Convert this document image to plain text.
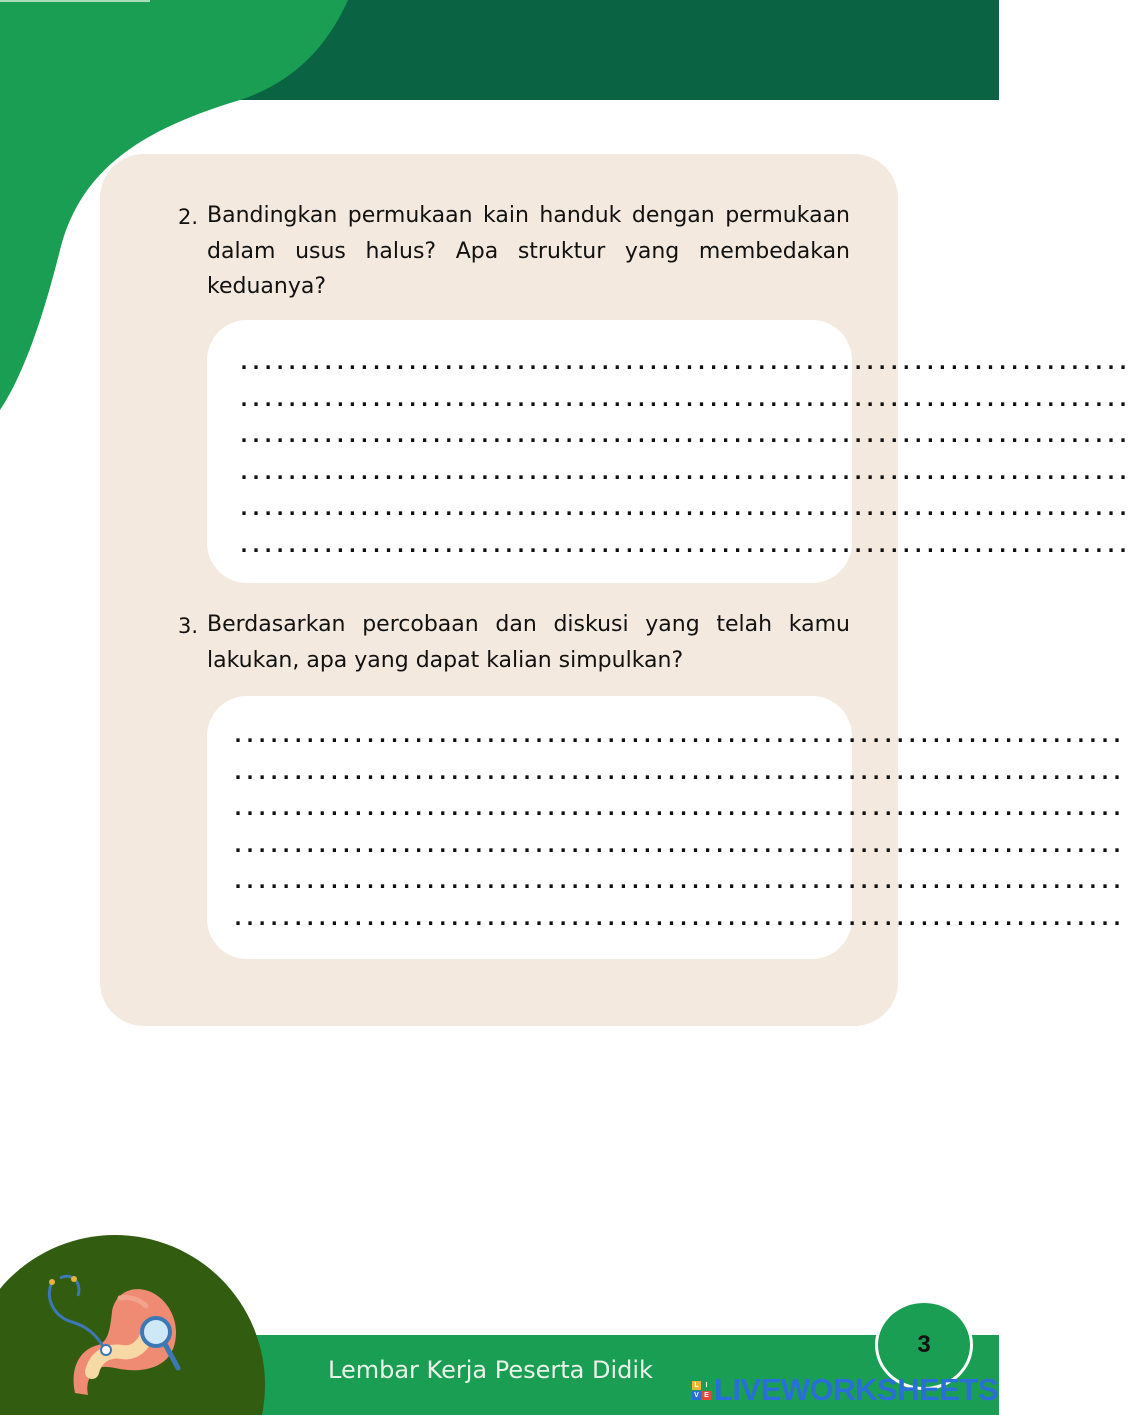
2. Bandingkan permukaan kain handuk dengan permukaan dalam usus halus? Apa struktur yang membedakan keduanya?

..........................................................................
..........................................................................
..........................................................................
..........................................................................
..........................................................................
..........................................................................
3. Berdasarkan percobaan dan diskusi yang telah kamu lakukan, apa yang dapat kalian simpulkan?

..........................................................................
..........................................................................
..........................................................................
..........................................................................
..........................................................................
..........................................................................
Lembar Kerja Peserta Didik
3
L I
V E LIVEWORKSHEETS
